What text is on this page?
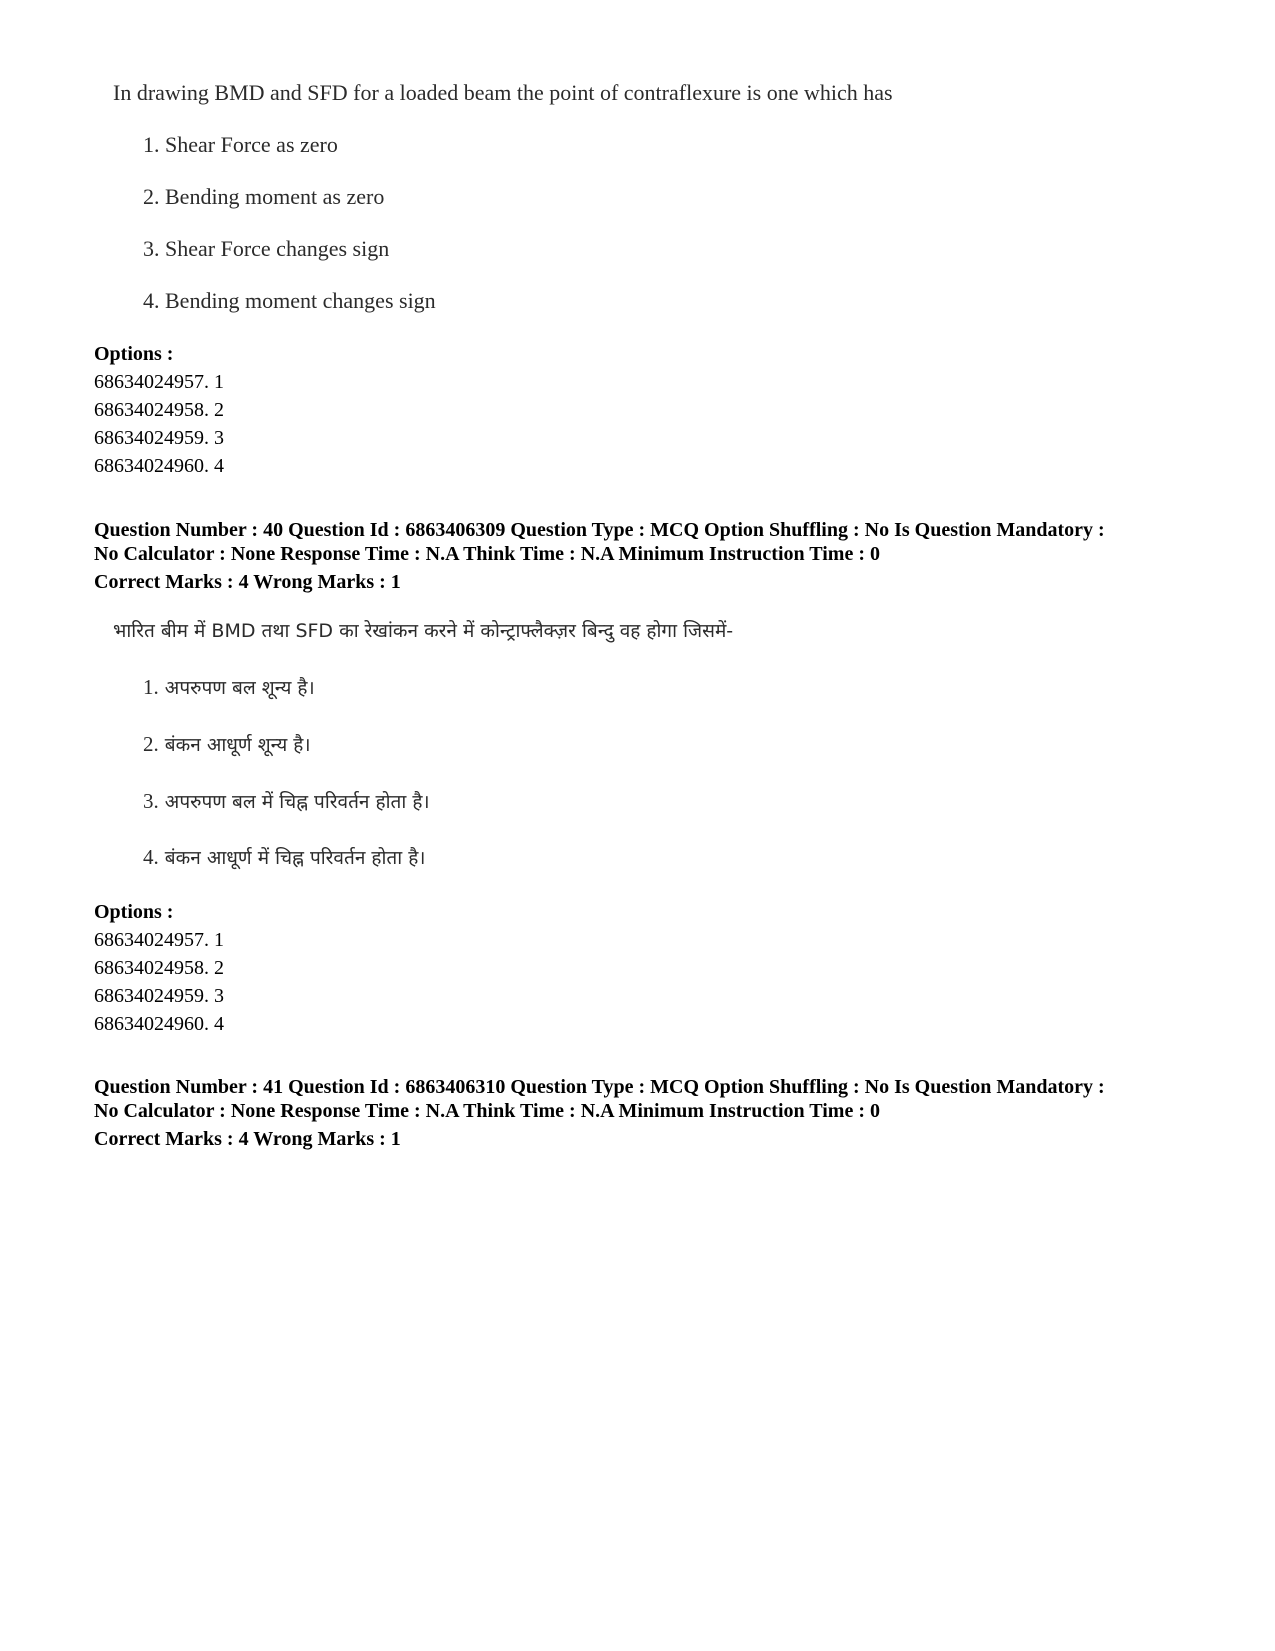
In drawing BMD and SFD for a loaded beam the point of contraflexure is one which has
1. Shear Force as zero
2. Bending moment as zero
3. Shear Force changes sign
4. Bending moment changes sign
Options :
68634024957. 1
68634024958. 2
68634024959. 3
68634024960. 4
Question Number : 40 Question Id : 6863406309 Question Type : MCQ Option Shuffling : No Is Question Mandatory :
No Calculator : None Response Time : N.A Think Time : N.A Minimum Instruction Time : 0
Correct Marks : 4 Wrong Marks : 1
भारित बीम में BMD तथा SFD का रेखांकन करने में कोन्ट्राफ्लैक्ज़र बिन्दु वह होगा जिसमें-
1. अपरुपण बल शून्य है।
2. बंकन आधूर्ण शून्य है।
3. अपरुपण बल में चिह्न परिवर्तन होता है।
4. बंकन आधूर्ण में चिह्न परिवर्तन होता है।
Options :
68634024957. 1
68634024958. 2
68634024959. 3
68634024960. 4
Question Number : 41 Question Id : 6863406310 Question Type : MCQ Option Shuffling : No Is Question Mandatory :
No Calculator : None Response Time : N.A Think Time : N.A Minimum Instruction Time : 0
Correct Marks : 4 Wrong Marks : 1
